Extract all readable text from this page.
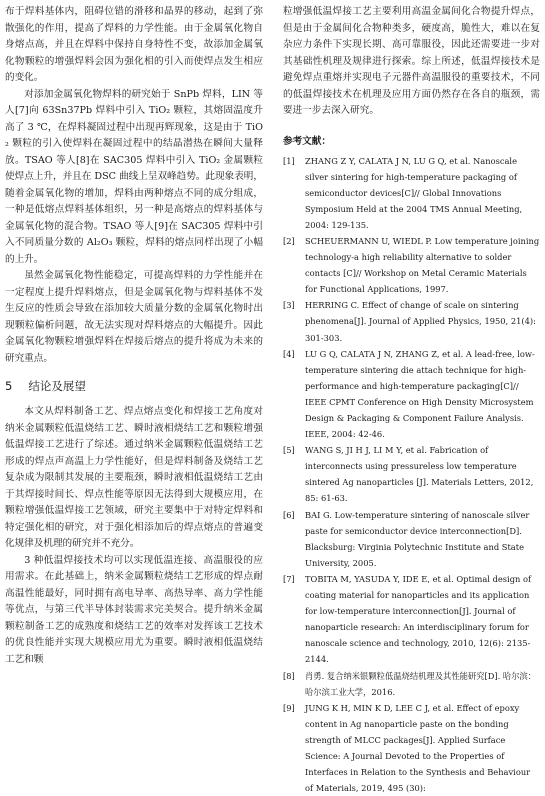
布于焊料基体内，阻碍位错的滑移和晶界的移动，起到了弥散强化的作用，提高了焊料的力学性能。由于金属氧化物自身熔点高，并且在焊料中保持自身特性不变，故添加金属氧化物颗粒的增强焊料会因为强化相的引入而使焊点发生相应的变化。

对添加金属氧化物焊料的研究始于 SnPb 焊料，LIN 等人[7]向 63Sn37Pb 焊料中引入 TiO₂ 颗粒，其熔固温度升高了 3 ℃，在焊料凝固过程中出现再辉现象，这是由于 TiO₂ 颗粒的引入使焊料在凝固过程中的结晶潜热在瞬间大量释放。TSAO 等人[8]在 SAC305 焊料中引入 TiO₂ 金属颗粒使焊点上升，并且在 DSC 曲线上呈双峰趋势。此现象表明，随着金属氧化物的增加，焊料由两种熔点不同的成分组成，一种是低熔点焊料基体组织，另一种是高熔点的焊料基体与金属氧化物的混合物。TSAO 等人[9]在 SAC305 焊料中引入不同质量分数的 Al₂O₃ 颗粒，焊料的熔点同样出现了小幅的上升。

虽然金属氧化物性能稳定，可提高焊料的力学性能并在一定程度上提升焊料熔点，但是金属氧化物与焊料基体不发生反应的性质会导致在添加较大质量分数的金属氧化物时出现颗粒偏析问题，故无法实现对焊料熔点的大幅提升。因此金属氧化物颗粒增强焊料在焊接后熔点的提升将成为未来的研究重点。

5 结论及展望

本文从焊料制备工艺、焊点熔点变化和焊接工艺角度对纳米金属颗粒低温烧结工艺、瞬时液相烧结工艺和颗粒增强低温焊接工艺进行了综述。通过纳米金属颗粒低温烧结工艺形成的焊点声高温上力学性能好，但是焊料制备及烧结工艺复杂成为限制其发展的主要瓶颈，瞬时液相低温烧结工艺由于其焊接时间长、焊点性能等原因无法得到大规模应用，在颗粒增强低温焊接工艺领域，研究主要集中于对特定焊料和特定强化相的研究，对于强化相添加后的焊点熔点的普遍变化规律及机理的研究并不充分。

3 种低温焊接技术均可以实现低温连接、高温服役的应用需求。在此基础上，纳米金属颗粒烧结工艺形成的焊点耐高温性能最好，同时拥有高电导率、高热导率、高力学性能等优点，与第三代半导体封装需求完美契合。提升纳米金属颗粒制备工艺的成熟度和烧结工艺的效率对发挥该工艺技术的优良性能并实现大规模应用尤为重要。瞬时液相低温烧结工艺和颗

粒增强低温焊接工艺主要利用高温金属间化合物提升焊点，但是由于金属间化合物种类多，硬度高，脆性大，难以在复杂应力条件下实现长期、高可靠服役，因此还需要进一步对其基础性机理及规律进行探索。综上所述，低温焊接技术是避免焊点重熔并实现电子元器件高温服役的重要技术，不同的低温焊接技术在机理及应用方面仍然存在各自的瓶颈，需要进一步去深入研究。

参考文献：
[1]	ZHANG Z Y, CALATA J N, LU G Q, et al. Nanoscale silver sintering for high-temperature packaging of semiconductor devices[C]// Global Innovations Symposium Held at the 2004 TMS Annual Meeting, 2004: 129-135.
[2]	SCHEUERMANN U, WIEDL P. Low temperature joining technology-a high reliability alternative to solder contacts [C]// Workshop on Metal Ceramic Materials for Functional Applications, 1997.
[3]	HERRING C. Effect of change of scale on sintering phenomena[J]. Journal of Applied Physics, 1950, 21(4): 301-303.
[4]	LU G Q, CALATA J N, ZHANG Z, et al. A lead-free, low-temperature sintering die attach technique for high-performance and high-temperature packaging[C]// IEEE CPMT Conference on High Density Microsystem Design & Packaging & Component Failure Analysis. IEEE, 2004: 42-46.
[5]	WANG S, JI H J, LI M Y, et al. Fabrication of interconnects using pressureless low temperature sintered Ag nanoparticles [J]. Materials Letters, 2012, 85: 61-63.
[6]	BAI G. Low-temperature sintering of nanoscale silver paste for semiconductor device interconnection[D]. Blacksburg: Virginia Polytechnic Institute and State University, 2005.
[7]	TOBITA M, YASUDA Y, IDE E, et al. Optimal design of coating material for nanoparticles and its application for low-temperature interconnection[J]. Journal of nanoparticle research: An interdisciplinary forum for nanoscale science and technology, 2010, 12(6): 2135-2144.
[8]	肖勇. 复合纳米银颗粒低温烧结机理及其性能研究[D]. 哈尔滨：哈尔滨工业大学，2016.
[9]	JUNG K H, MIN K D, LEE C J, et al. Effect of epoxy content in Ag nanoparticle paste on the bonding strength of MLCC packages[J]. Applied Surface Science: A Journal Devoted to the Properties of Interfaces in Relation to the Synthesis and Behaviour of Materials, 2019, 495 (30):
